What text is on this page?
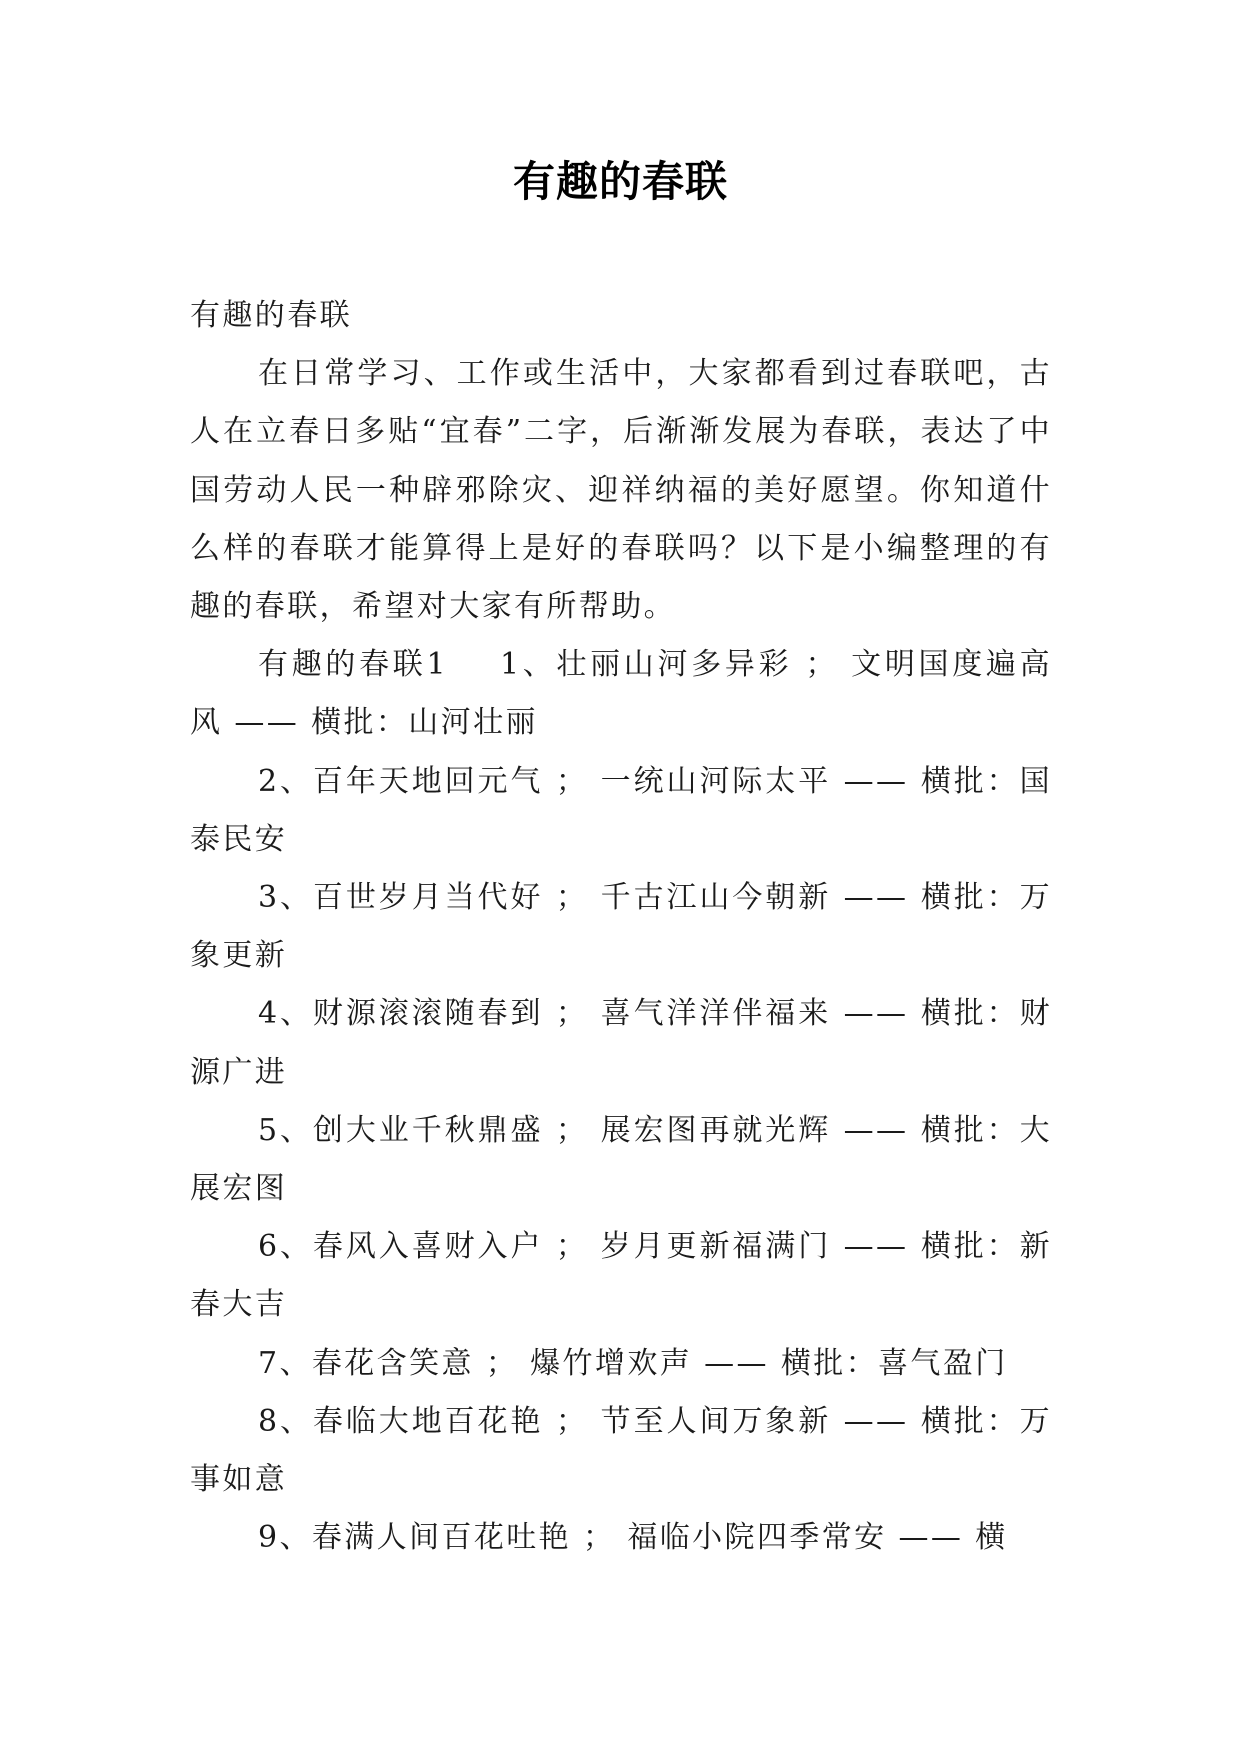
有趣的春联

有趣的春联

在日常学习、工作或生活中，大家都看到过春联吧，古人在立春日多贴“宜春”二字，后渐渐发展为春联，表达了中国劳动人民一种辟邪除灾、迎祥纳福的美好愿望。你知道什么样的春联才能算得上是好的春联吗？以下是小编整理的有趣的春联，希望对大家有所帮助。

有趣的春联1 1、壮丽山河多异彩 ； 文明国度遍高风 —— 横批：山河壮丽

2、百年天地回元气 ； 一统山河际太平 —— 横批：国泰民安

3、百世岁月当代好 ； 千古江山今朝新 —— 横批：万象更新

4、财源滚滚随春到 ； 喜气洋洋伴福来 —— 横批：财源广进

5、创大业千秋鼎盛 ； 展宏图再就光辉 —— 横批：大展宏图

6、春风入喜财入户 ； 岁月更新福满门 —— 横批：新春大吉

7、春花含笑意 ； 爆竹增欢声 —— 横批：喜气盈门

8、春临大地百花艳 ； 节至人间万象新 —— 横批：万事如意

9、春满人间百花吐艳 ； 福临小院四季常安 —— 横
